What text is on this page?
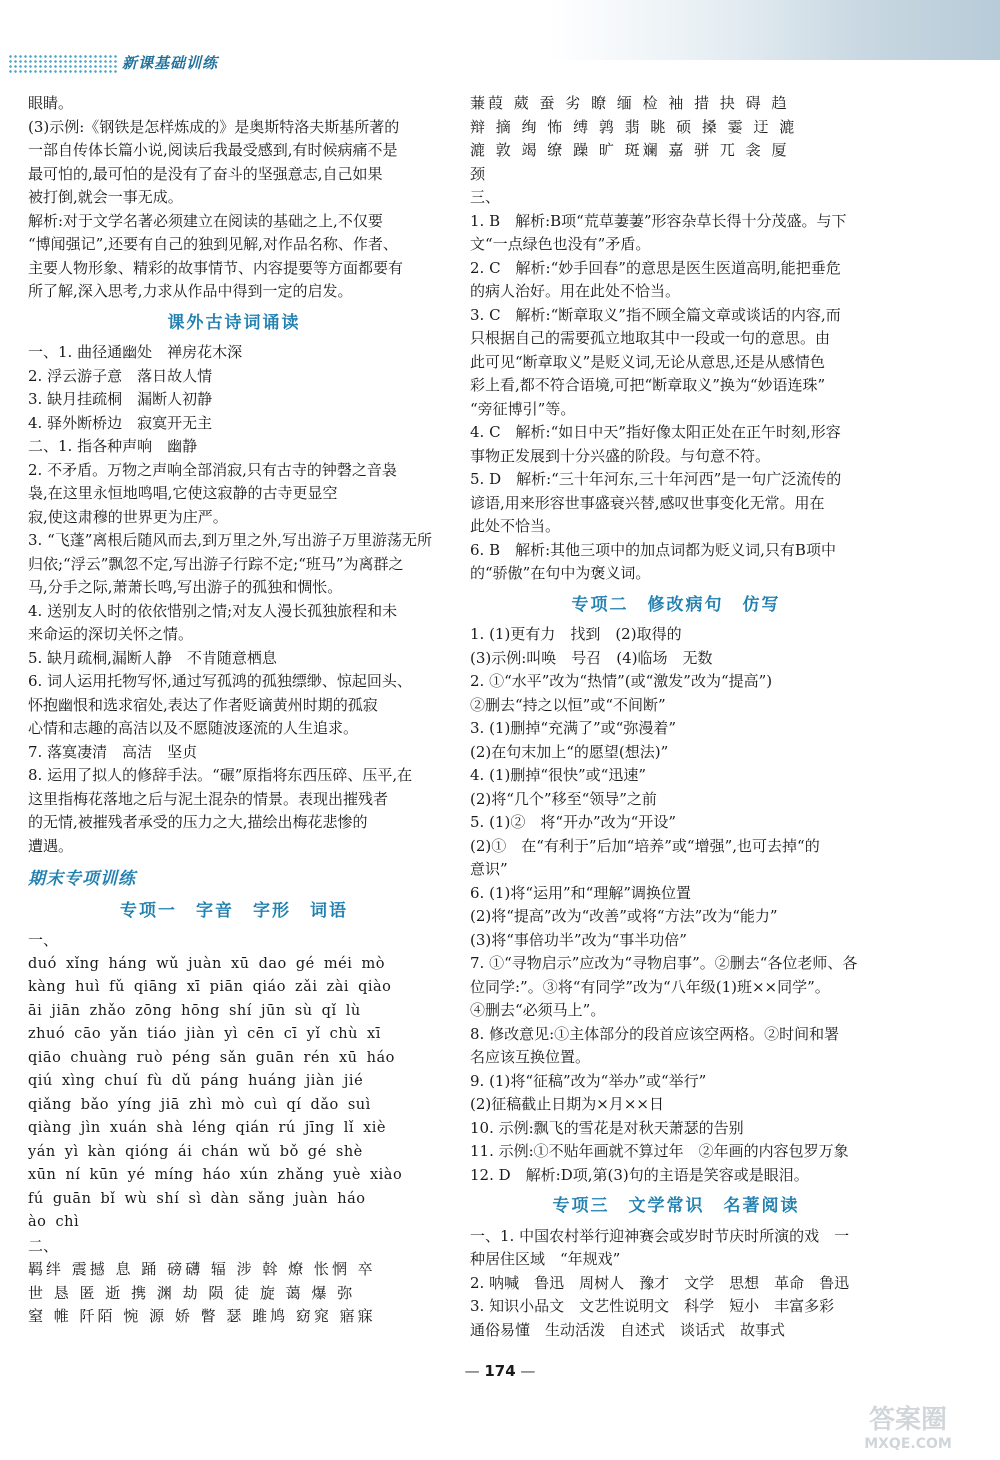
新课基础训练
眼睛。
(3)示例:《钢铁是怎样炼成的》是奥斯特洛夫斯基所著的
一部自传体长篇小说,阅读后我最受感到,有时候病痛不是
最可怕的,最可怕的是没有了奋斗的坚强意志,自己如果
被打倒,就会一事无成。
解析:对于文学名著必须建立在阅读的基础之上,不仅要
“博闻强记”,还要有自己的独到见解,对作品名称、作者、
主要人物形象、精彩的故事情节、内容提要等方面都要有
所了解,深入思考,力求从作品中得到一定的启发。
课外古诗词诵读
一、1. 曲径通幽处　禅房花木深
2. 浮云游子意　落日故人情
3. 缺月挂疏桐　漏断人初静
4. 驿外断桥边　寂寞开无主
二、1. 指各种声响　幽静
2. 不矛盾。万物之声响全部消寂,只有古寺的钟磬之音袅
袅,在这里永恒地鸣唱,它使这寂静的古寺更显空
寂,使这肃穆的世界更为庄严。
3. “飞蓬”离根后随风而去,到万里之外,写出游子万里游荡无所
归依;“浮云”飘忽不定,写出游子行踪不定;“班马”为离群之
马,分手之际,萧萧长鸣,写出游子的孤独和惆怅。
4. 送别友人时的依依惜别之情;对友人漫长孤独旅程和未
来命运的深切关怀之情。
5. 缺月疏桐,漏断人静　不肯随意栖息
6. 词人运用托物写怀,通过写孤鸿的孤独缥缈、惊起回头、
怀抱幽恨和选求宿处,表达了作者贬谪黄州时期的孤寂
心情和志趣的高洁以及不愿随波逐流的人生追求。
7. 落寞凄清　高洁　坚贞
8. 运用了拟人的修辞手法。“碾”原指将东西压碎、压平,在
这里指梅花落地之后与泥土混杂的情景。表现出摧残者
的无情,被摧残者承受的压力之大,描绘出梅花悲惨的
遭遇。
期末专项训练
专项一　字音　字形　词语
一、
duó xǐng háng wǔ juàn xū dao gé méi mò
kàng huì fǔ qiāng xī piān qiáo zǎi zài qiào
āi jiān zhǎo zōng hōng shí jūn sù qǐ lù
zhuó cāo yǎn tiáo jiàn yì cēn cī yǐ chù xī
qiāo chuàng ruò péng sǎn guān rén xū háo
qiú xìng chuí fù dǔ páng huáng jiàn jié
qiǎng bǎo yíng jiā zhì mò cuì qí dǎo suì
qiàng jìn xuán shà léng qián rú jīng lǐ xiè
yán yì kàn qióng ái chán wǔ bǒ gé shè
xūn ní kūn yé míng háo xún zhǎng yuè xiào
fú guān bǐ wù shí sì dàn sǎng juàn háo
ào chì
二、
羁绊 震撼 息 踊 磅礴 辐 涉 斡 燎 怅惘 卒
世 恳 匿 逝 携 渊 劫 陨 徒 旋 蔼 爆 弥
窒 帷 阡陌 惋 源 娇 瞥 瑟 雎鸠 窈窕 寤寐
蒹葭 葳 蚕 劣 瞭 缅 检 袖 措 抉 碍 趋
辩 摘 绚 怖 缚 鹑 翡 眺 硕 搡 霎 迂 漉
漉 敦 竭 缭 躁 旷 斑斓 嘉 骈 兀 衾 厦
颈
三、
1. B　解析:B项“荒草萋萋”形容杂草长得十分茂盛。与下
文“一点绿色也没有”矛盾。
2. C　解析:“妙手回春”的意思是医生医道高明,能把垂危
的病人治好。用在此处不恰当。
3. C　解析:“断章取义”指不顾全篇文章或谈话的内容,而
只根据自己的需要孤立地取其中一段或一句的意思。由
此可见“断章取义”是贬义词,无论从意思,还是从感情色
彩上看,都不符合语境,可把“断章取义”换为“妙语连珠”
“旁征博引”等。
4. C　解析:“如日中天”指好像太阳正处在正午时刻,形容
事物正发展到十分兴盛的阶段。与句意不符。
5. D　解析:“三十年河东,三十年河西”是一句广泛流传的
谚语,用来形容世事盛衰兴替,感叹世事变化无常。用在
此处不恰当。
6. B　解析:其他三项中的加点词都为贬义词,只有B项中
的“骄傲”在句中为褒义词。
专项二　修改病句　仿写
1. (1)更有力　找到　(2)取得的
(3)示例:叫唤　号召　(4)临场　无数
2. ①“水平”改为“热情”(或“激发”改为“提高”)
②删去“持之以恒”或“不间断”
3. (1)删掉“充满了”或“弥漫着”
(2)在句末加上“的愿望(想法)”
4. (1)删掉“很快”或“迅速”
(2)将“几个”移至“领导”之前
5. (1)②　将“开办”改为“开设”
(2)①　在“有利于”后加“培养”或“增强”,也可去掉“的
意识”
6. (1)将“运用”和“理解”调换位置
(2)将“提高”改为“改善”或将“方法”改为“能力”
(3)将“事倍功半”改为“事半功倍”
7. ①“寻物启示”应改为“寻物启事”。②删去“各位老师、各
位同学:”。③将“有同学”改为“八年级(1)班××同学”。
④删去“必须马上”。
8. 修改意见:①主体部分的段首应该空两格。②时间和署
名应该互换位置。
9. (1)将“征稿”改为“举办”或“举行”
(2)征稿截止日期为×月××日
10. 示例:飘飞的雪花是对秋天萧瑟的告别
11. 示例:①不贴年画就不算过年　②年画的内容包罗万象
12. D　解析:D项,第(3)句的主语是笑容或是眼泪。
专项三　文学常识　名著阅读
一、1. 中国农村举行迎神赛会或岁时节庆时所演的戏　一
种居住区域　“年规戏”
2. 呐喊　鲁迅　周树人　豫才　文学　思想　革命　鲁迅
3. 知识小品文　文艺性说明文　科学　短小　丰富多彩
通俗易懂　生动活泼　自述式　谈话式　故事式
— 174 —
答案圈
MXQE.COM
